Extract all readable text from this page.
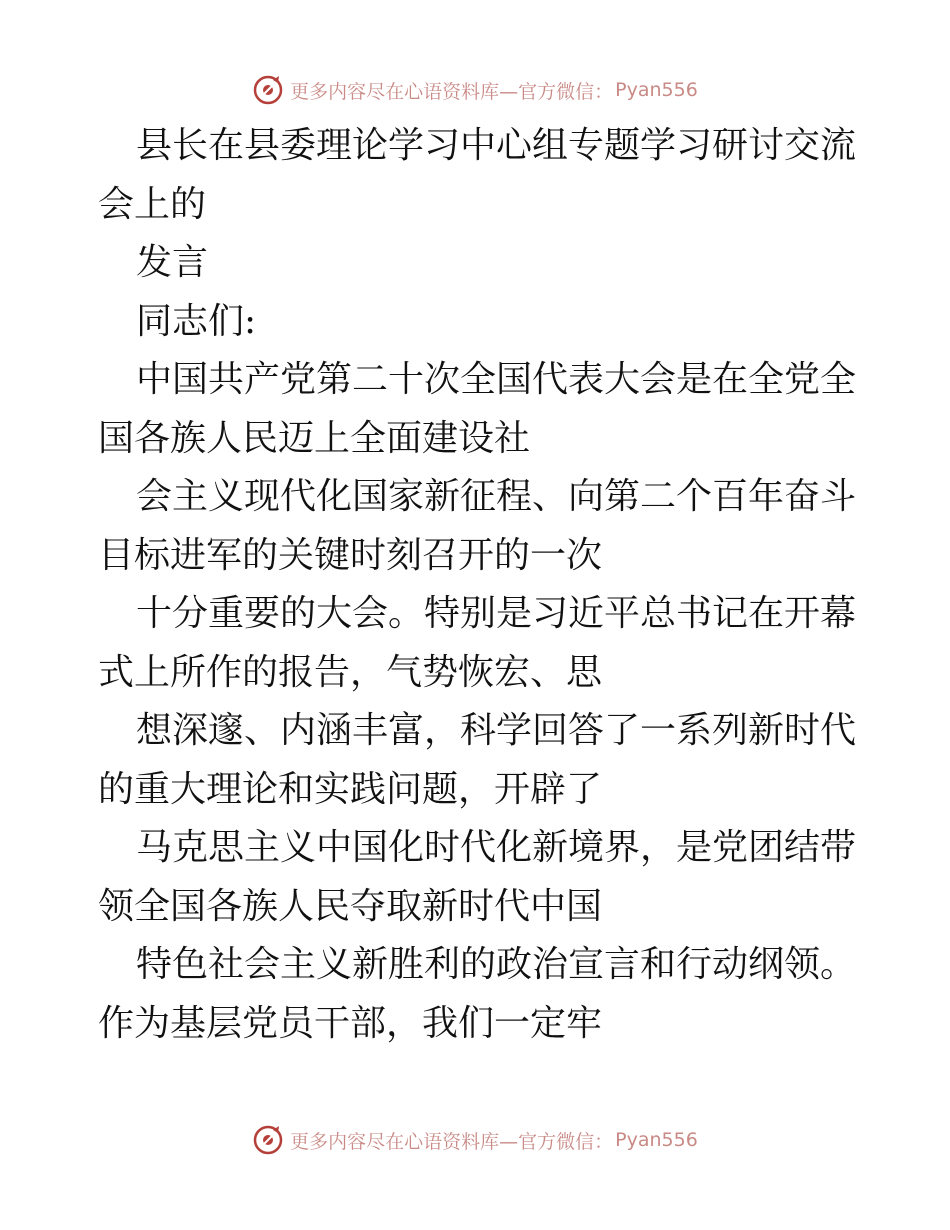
更多内容尽在心语资料库—官方微信： Pyan556

县长在县委理论学习中心组专题学习研讨交流会上的

发言

同志们:

中国共产党第二十次全国代表大会是在全党全国各族人民迈上全面建设社

会主义现代化国家新征程、向第二个百年奋斗目标进军的关键时刻召开的一次

十分重要的大会。特别是习近平总书记在开幕式上所作的报告，气势恢宏、思

想深邃、内涵丰富，科学回答了一系列新时代的重大理论和实践问题，开辟了

马克思主义中国化时代化新境界，是党团结带领全国各族人民夺取新时代中国

特色社会主义新胜利的政治宣言和行动纲领。作为基层党员干部，我们一定牢

更多内容尽在心语资料库—官方微信： Pyan556
